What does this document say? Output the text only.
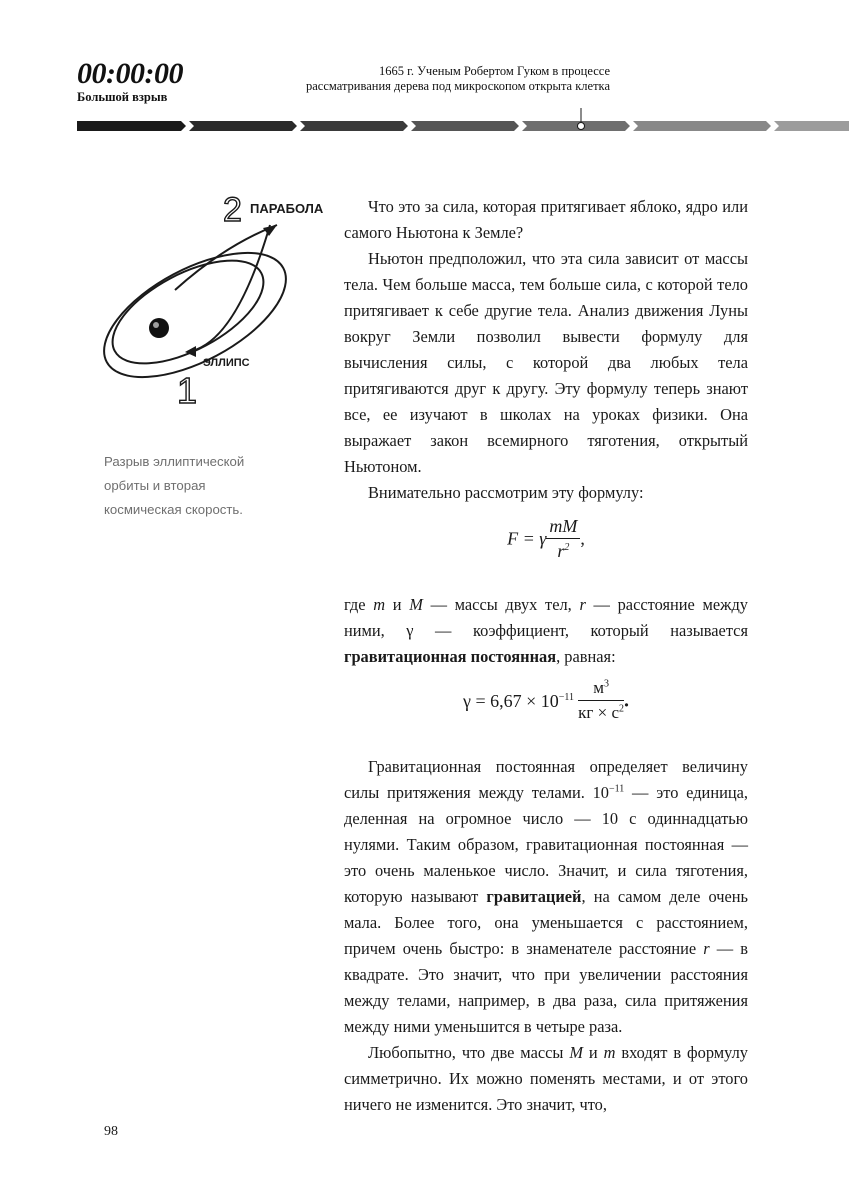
00:00:00
Большой взрыв
1665 г. Ученым Робертом Гуком в процессе
рассматривания дерева под микроскопом открыта клетка
2 ПАРАБОЛА
ЭЛЛИПС
1
Разрыв эллиптической
орбиты и вторая
космическая скорость.

Что это за сила, которая притягивает яблоко, ядро или самого Ньютона к Земле?

Ньютон предположил, что эта сила зависит от массы тела. Чем больше масса, тем больше сила, с которой тело притягивает к себе другие тела. Анализ движения Луны вокруг Земли позволил вывести формулу для вычисления силы, с которой два любых тела притягиваются друг к другу. Эту формулу теперь знают все, ее изучают в школах на уроках физики. Она выражает закон всемирного тяготения, открытый Ньютоном.

Внимательно рассмотрим эту формулу:

F = γ $\frac{mM}{r^2}$ ,

где m и M — массы двух тел, r — расстояние между ними, γ — коэффициент, который называется гравитационная постоянная, равная:

$\gamma = 6,67 \times 10^{-11} \frac{м^3}{кг \times с^2}$ .

Гравитационная постоянная определяет величину силы притяжения между телами. $10^{-11}$ — это единица, деленная на огромное число — 10 с одиннадцатью нулями. Таким образом, гравитационная постоянная — это очень маленькое число. Значит, и сила тяготения, которую называют гравитацией, на самом деле очень мала. Более того, она уменьшается с расстоянием, причем очень быстро: в знаменателе расстояние r — в квадрате. Это значит, что при увеличении расстояния между телами, например, в два раза, сила притяжения между ними уменьшится в четыре раза.

Любопытно, что две массы M и m входят в формулу симметрично. Их можно поменять местами, и от этого ничего не изменится. Это значит, что,

98
